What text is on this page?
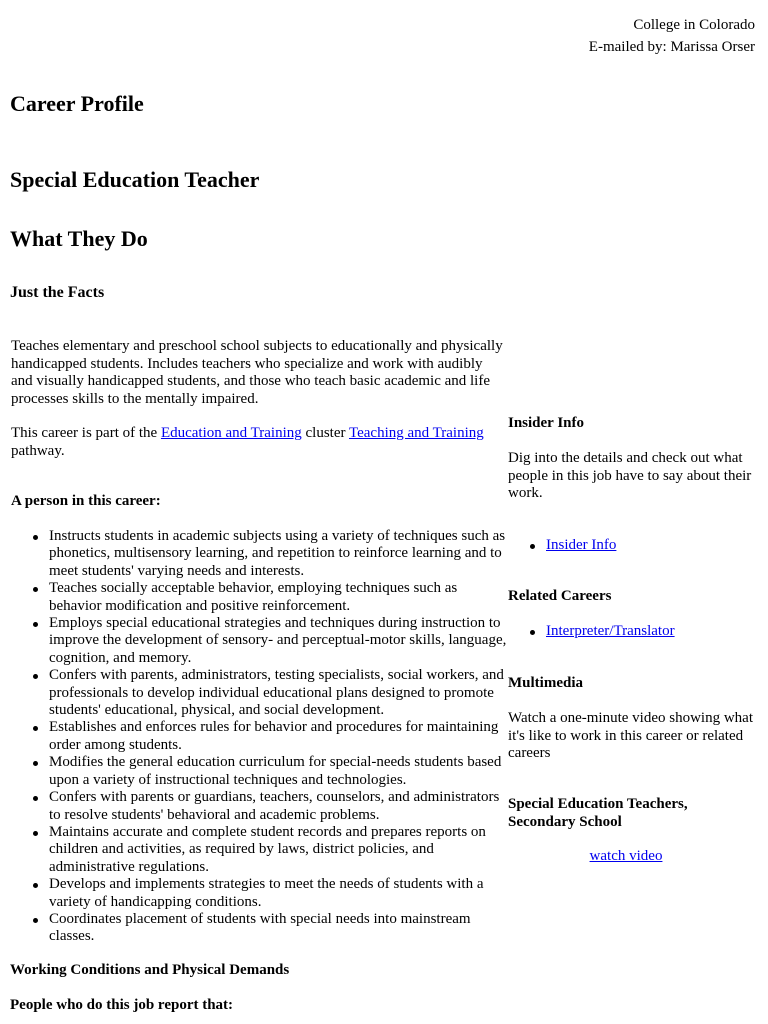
College in Colorado
E-mailed by: Marissa Orser
Career Profile
Special Education Teacher
What They Do
Just the Facts

Teaches elementary and preschool school subjects to educationally and physically handicapped students. Includes teachers who specialize and work with audibly and visually handicapped students, and those who teach basic academic and life processes skills to the mentally impaired.

This career is part of the Education and Training cluster Teaching and Training pathway.

A person in this career:
Instructs students in academic subjects using a variety of techniques such as phonetics, multisensory learning, and repetition to reinforce learning and to meet students' varying needs and interests.
Teaches socially acceptable behavior, employing techniques such as behavior modification and positive reinforcement.
Employs special educational strategies and techniques during instruction to improve the development of sensory- and perceptual-motor skills, language, cognition, and memory.
Confers with parents, administrators, testing specialists, social workers, and professionals to develop individual educational plans designed to promote students' educational, physical, and social development.
Establishes and enforces rules for behavior and procedures for maintaining order among students.
Modifies the general education curriculum for special-needs students based upon a variety of instructional techniques and technologies.
Confers with parents or guardians, teachers, counselors, and administrators to resolve students' behavioral and academic problems.
Maintains accurate and complete student records and prepares reports on children and activities, as required by laws, district policies, and administrative regulations.
Develops and implements strategies to meet the needs of students with a variety of handicapping conditions.
Coordinates placement of students with special needs into mainstream classes.
Working Conditions and Physical Demands
People who do this job report that:
Insider Info
Dig into the details and check out what people in this job have to say about their work.
Insider Info
Related Careers
Interpreter/Translator
Multimedia
Watch a one-minute video showing what it's like to work in this career or related careers
Special Education Teachers, Secondary School
watch video
